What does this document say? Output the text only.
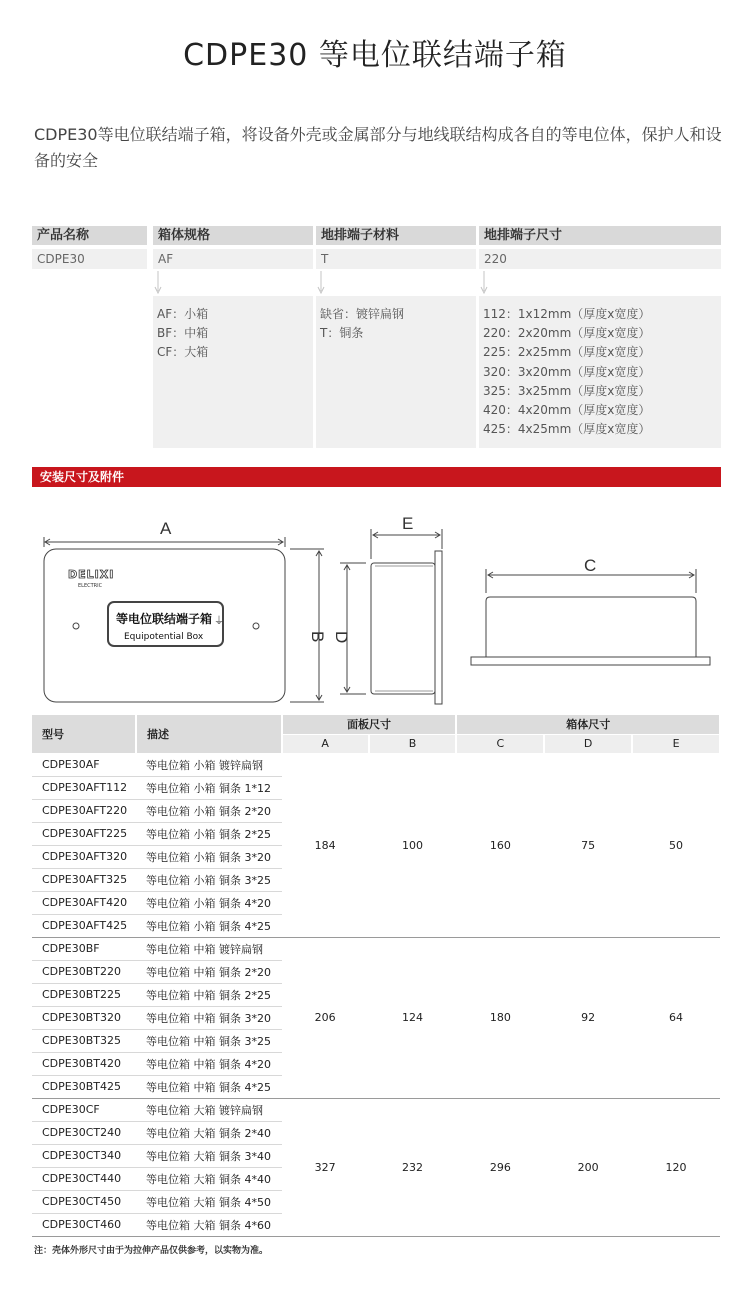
CDPE30 等电位联结端子箱

CDPE30等电位联结端子箱，将设备外壳或金属部分与地线联结构成各自的等电位体，保护人和设备的安全

产品名称	箱体规格	地排端子材料	地排端子尺寸
CDPE30	AF	T	220
AF：小箱
BF：中箱
CF：大箱
缺省：镀锌扁钢
T：铜条
112：1x12mm（厚度x宽度）
220：2x20mm（厚度x宽度）
225：2x25mm（厚度x宽度）
320：3x20mm（厚度x宽度）
325：3x25mm（厚度x宽度）
420：4x20mm（厚度x宽度）
425：4x25mm（厚度x宽度）
安装尺寸及附件
A
B D
E
C
DELIXI
ELECTRIC
等电位联结端子箱 ⏚
Equipotential Box
型号	描述	面板尺寸		箱体尺寸		
		A	B	C	D	E
CDPE30AF	等电位箱 小箱 镀锌扁钢	184	100	160	75	50
CDPE30AFT112	等电位箱 小箱 铜条 1*12					
CDPE30AFT220	等电位箱 小箱 铜条 2*20					
CDPE30AFT225	等电位箱 小箱 铜条 2*25					
CDPE30AFT320	等电位箱 小箱 铜条 3*20					
CDPE30AFT325	等电位箱 小箱 铜条 3*25					
CDPE30AFT420	等电位箱 小箱 铜条 4*20					
CDPE30AFT425	等电位箱 小箱 铜条 4*25					
CDPE30BF	等电位箱 中箱 镀锌扁钢	206	124	180	92	64
CDPE30BT220	等电位箱 中箱 铜条 2*20					
CDPE30BT225	等电位箱 中箱 铜条 2*25					
CDPE30BT320	等电位箱 中箱 铜条 3*20					
CDPE30BT325	等电位箱 中箱 铜条 3*25					
CDPE30BT420	等电位箱 中箱 铜条 4*20					
CDPE30BT425	等电位箱 中箱 铜条 4*25					
CDPE30CF	等电位箱 大箱 镀锌扁钢	327	232	296	200	120
CDPE30CT240	等电位箱 大箱 铜条 2*40					
CDPE30CT340	等电位箱 大箱 铜条 3*40					
CDPE30CT440	等电位箱 大箱 铜条 4*40					
CDPE30CT450	等电位箱 大箱 铜条 4*50					
CDPE30CT460	等电位箱 大箱 铜条 4*60					
注：壳体外形尺寸由于为拉伸产品仅供参考，以实物为准。
